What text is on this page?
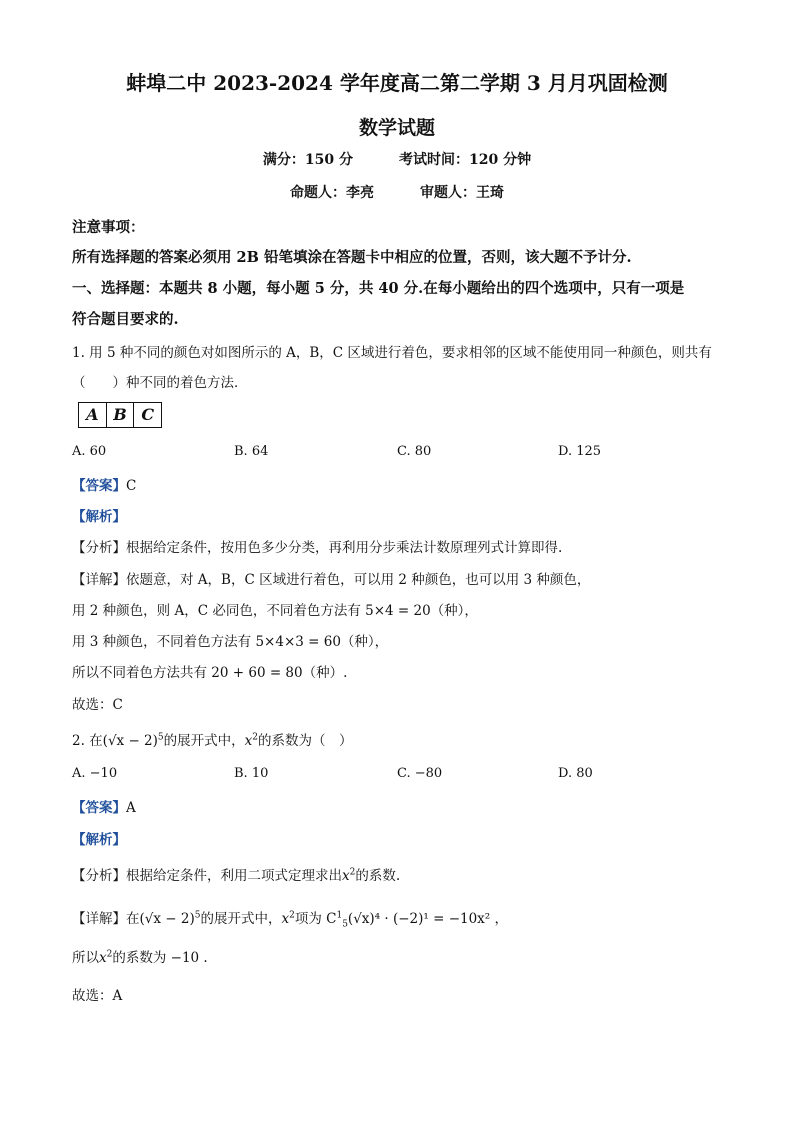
蚌埠二中 2023-2024 学年度高二第二学期 3 月月巩固检测
数学试题
满分：150 分	考试时间：120 分钟
命题人：李亮	审题人：王琦
注意事项：
所有选择题的答案必须用 2B 铅笔填涂在答题卡中相应的位置，否则，该大题不予计分.
一、选择题：本题共 8 小题，每小题 5 分，共 40 分.在每小题给出的四个选项中，只有一项是
符合题目要求的.
1. 用 5 种不同的颜色对如图所示的 A，B，C 区域进行着色，要求相邻的区域不能使用同一种颜色，则共有
（　　）种不同的着色方法．
A B C
A. 60	B. 64	C. 80	D. 125
【答案】C
【解析】
【分析】根据给定条件，按用色多少分类，再利用分步乘法计数原理列式计算即得.
【详解】依题意，对 A，B，C 区域进行着色，可以用 2 种颜色，也可以用 3 种颜色，
用 2 种颜色，则 A，C 必同色，不同着色方法有 5×4 = 20（种），
用 3 种颜色，不同着色方法有 5×4×3 = 60（种），
所以不同着色方法共有 20 + 60 = 80（种）.
故选：C
2. 在$(√x - 2)^5$的展开式中，$x^2$的系数为（　）
A. −10	B. 10	C. −80	D. 80
【答案】A
【解析】
【分析】根据给定条件，利用二项式定理求出$x^2$的系数.
【详解】在$(√x - 2)^5$的展开式中，$x^2$项为 $C^1_5(√x)^4 \cdot (-2)^1 = -10x^2$ ，
所以$x^2$的系数为 −10 .
故选：A
